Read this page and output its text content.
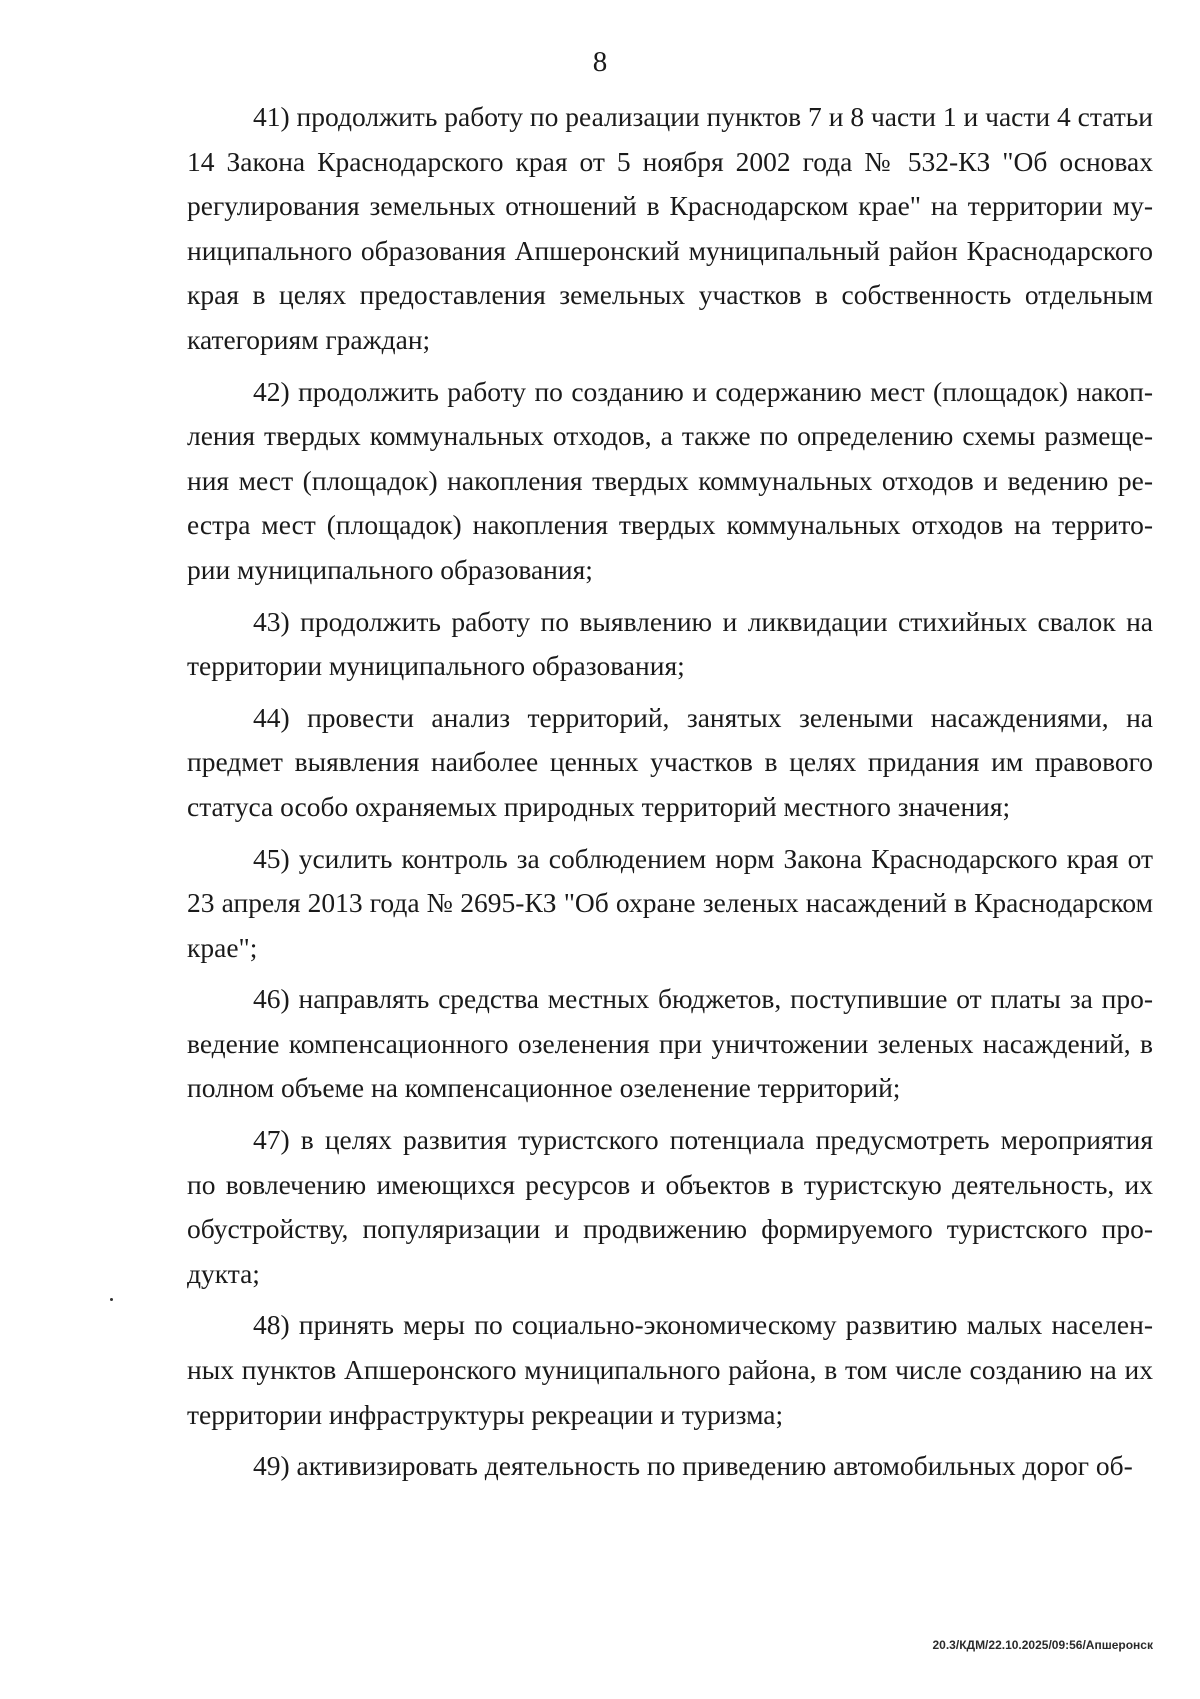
8

41) продолжить работу по реализации пунктов 7 и 8 части 1 и части 4 статьи 14 Закона Краснодарского края от 5 ноября 2002 года № 532-КЗ "Об основах регулирования земельных отношений в Краснодарском крае" на территории муниципального образования Апшеронский муниципальный район Краснодарского края в целях предоставления земельных участков в собственность отдельным категориям граждан;

42) продолжить работу по созданию и содержанию мест (площадок) накопления твердых коммунальных отходов, а также по определению схемы размещения мест (площадок) накопления твердых коммунальных отходов и ведению реестра мест (площадок) накопления твердых коммунальных отходов на территории муниципального образования;

43) продолжить работу по выявлению и ликвидации стихийных свалок на территории муниципального образования;

44) провести анализ территорий, занятых зелеными насаждениями, на предмет выявления наиболее ценных участков в целях придания им правового статуса особо охраняемых природных территорий местного значения;

45) усилить контроль за соблюдением норм Закона Краснодарского края от 23 апреля 2013 года № 2695-КЗ "Об охране зеленых насаждений в Краснодарском крае";

46) направлять средства местных бюджетов, поступившие от платы за проведение компенсационного озеленения при уничтожении зеленых насаждений, в полном объеме на компенсационное озеленение территорий;

47) в целях развития туристского потенциала предусмотреть мероприятия по вовлечению имеющихся ресурсов и объектов в туристскую деятельность, их обустройству, популяризации и продвижению формируемого туристского продукта;

48) принять меры по социально-экономическому развитию малых населенных пунктов Апшеронского муниципального района, в том числе созданию на их территории инфраструктуры рекреации и туризма;

49) активизировать деятельность по приведению автомобильных дорог об-

20.3/КДМ/22.10.2025/09:56/Апшеронск
